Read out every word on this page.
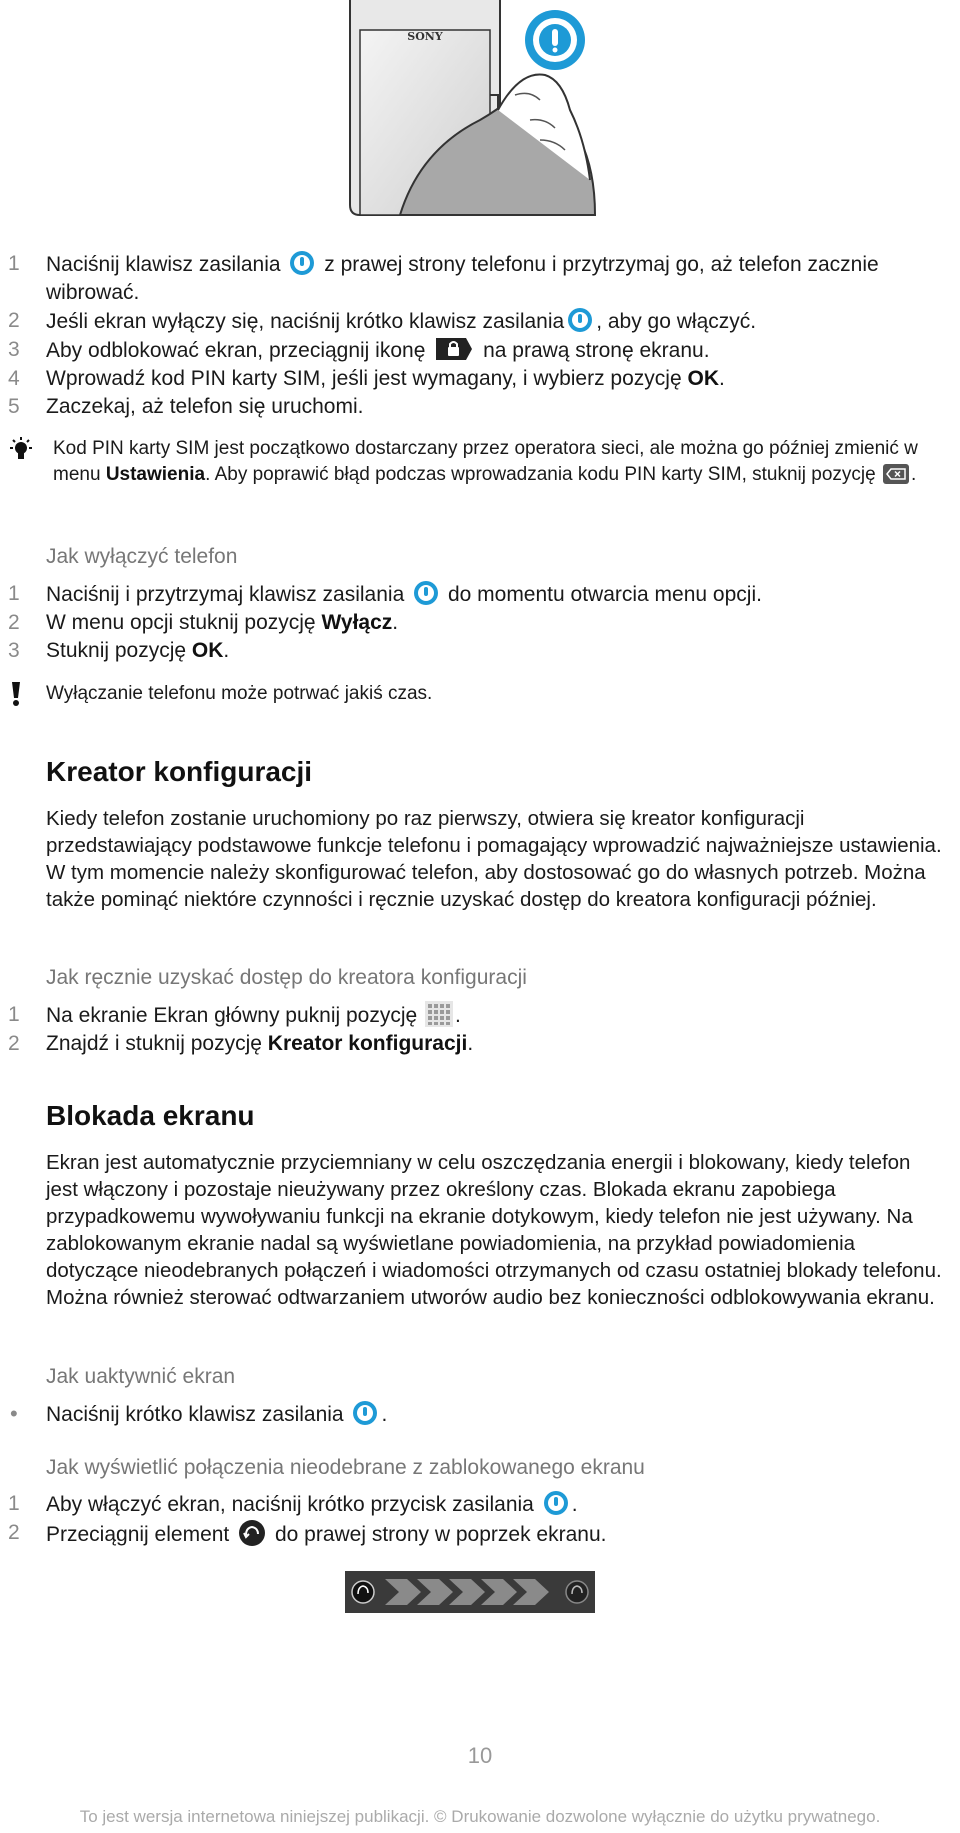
SONY
1 Naciśnij klawisz zasilania z prawej strony telefonu i przytrzymaj go, aż telefon zacznie wibrować.
2 Jeśli ekran wyłączy się, naciśnij krótko klawisz zasilania , aby go włączyć.
3 Aby odblokować ekran, przeciągnij ikonę	na prawą stronę ekranu.
4 Wprowadź kod PIN karty SIM, jeśli jest wymagany, i wybierz pozycję OK.
5 Zaczekaj, aż telefon się uruchomi.
Kod PIN karty SIM jest początkowo dostarczany przez operatora sieci, ale można go później zmienić w menu Ustawienia. Aby poprawić błąd podczas wprowadzania kodu PIN karty SIM, stuknij pozycję .
Jak wyłączyć telefon
1 Naciśnij i przytrzymaj klawisz zasilania do momentu otwarcia menu opcji.
2 W menu opcji stuknij pozycję Wyłącz.
3 Stuknij pozycję OK.
Wyłączanie telefonu może potrwać jakiś czas.
Kreator konfiguracji
Kiedy telefon zostanie uruchomiony po raz pierwszy, otwiera się kreator konfiguracji przedstawiający podstawowe funkcje telefonu i pomagający wprowadzić najważniejsze ustawienia. W tym momencie należy skonfigurować telefon, aby dostosować go do własnych potrzeb. Można także pominąć niektóre czynności i ręcznie uzyskać dostęp do kreatora konfiguracji później.
Jak ręcznie uzyskać dostęp do kreatora konfiguracji
1 Na ekranie Ekran główny puknij pozycję .
2 Znajdź i stuknij pozycję Kreator konfiguracji.
Blokada ekranu
Ekran jest automatycznie przyciemniany w celu oszczędzania energii i blokowany, kiedy telefon jest włączony i pozostaje nieużywany przez określony czas. Blokada ekranu zapobiega przypadkowemu wywoływaniu funkcji na ekranie dotykowym, kiedy telefon nie jest używany. Na zablokowanym ekranie nadal są wyświetlane powiadomienia, na przykład powiadomienia dotyczące nieodebranych połączeń i wiadomości otrzymanych od czasu ostatniej blokady telefonu. Można również sterować odtwarzaniem utworów audio bez konieczności odblokowywania ekranu.
Jak uaktywnić ekran
• Naciśnij krótko klawisz zasilania .
Jak wyświetlić połączenia nieodebrane z zablokowanego ekranu
1 Aby włączyć ekran, naciśnij krótko przycisk zasilania .
2 Przeciągnij element do prawej strony w poprzek ekranu.
10
To jest wersja internetowa niniejszej publikacji. © Drukowanie dozwolone wyłącznie do użytku prywatnego.
